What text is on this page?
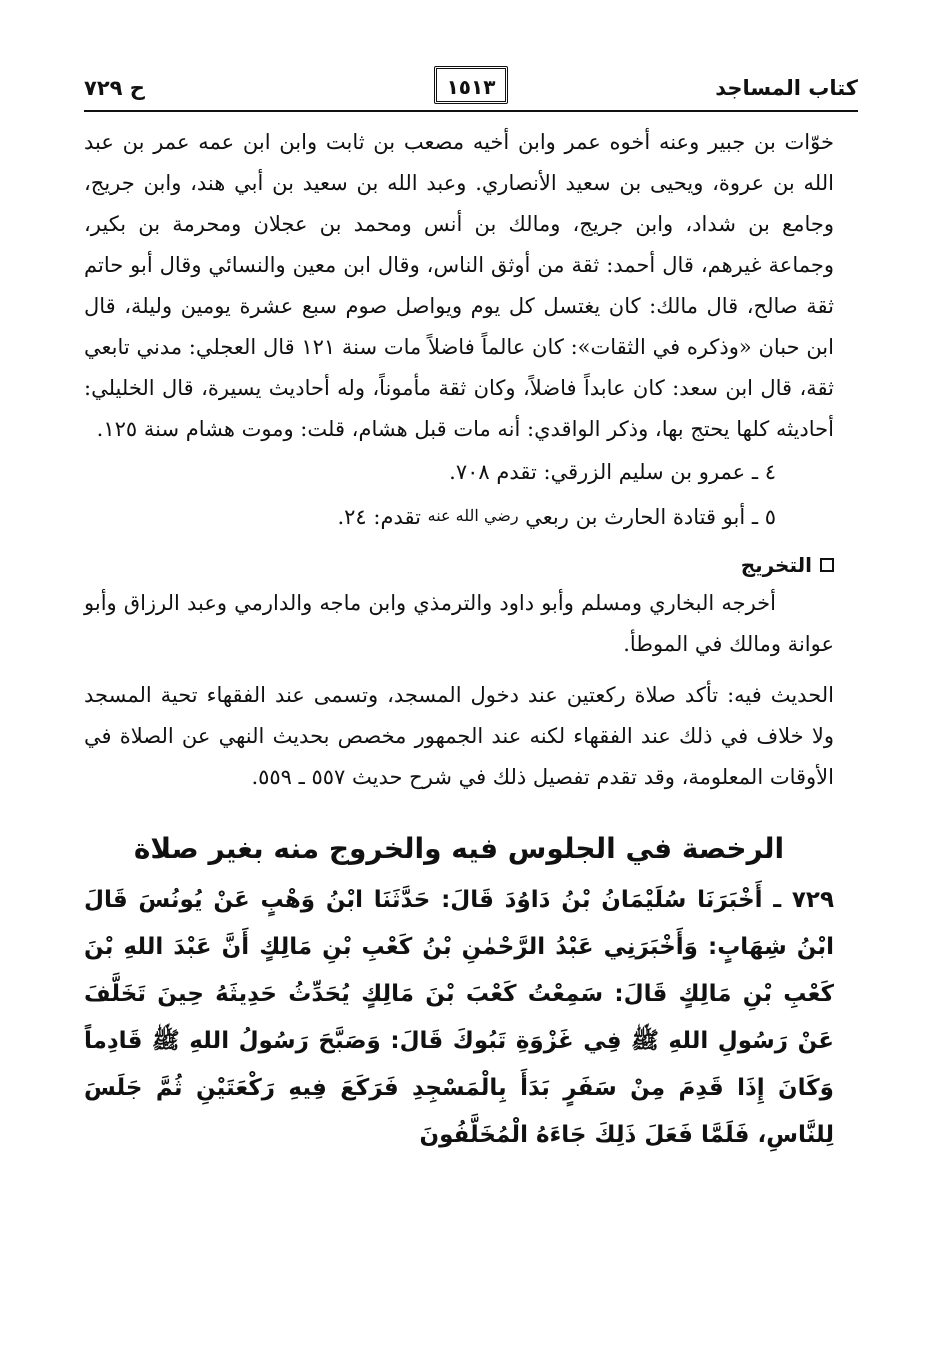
كتاب المساجد
١٥١٣
ح ٧٢٩

خوّات بن جبير وعنه أخوه عمر وابن أخيه مصعب بن ثابت وابن ابن عمه عمر بن عبد الله بن عروة، ويحيى بن سعيد الأنصاري. وعبد الله بن سعيد بن أبي هند، وابن جريج، وجامع بن شداد، وابن جريج، ومالك بن أنس ومحمد بن عجلان ومحرمة بن بكير، وجماعة غيرهم، قال أحمد: ثقة من أوثق الناس، وقال ابن معين والنسائي وقال أبو حاتم ثقة صالح، قال مالك: كان يغتسل كل يوم ويواصل صوم سبع عشرة يومين وليلة، قال ابن حبان «وذكره في الثقات»: كان عالماً فاضلاً مات سنة ١٢١ قال العجلي: مدني تابعي ثقة، قال ابن سعد: كان عابداً فاضلاً، وكان ثقة مأموناً، وله أحاديث يسيرة، قال الخليلي: أحاديثه كلها يحتج بها، وذكر الواقدي: أنه مات قبل هشام، قلت: وموت هشام سنة ١٢٥.

٤ ـ عمرو بن سليم الزرقي: تقدم ٧٠٨.

٥ ـ أبو قتادة الحارث بن ربعي رضي الله عنه تقدم: ٢٤.

التخريج

أخرجه البخاري ومسلم وأبو داود والترمذي وابن ماجه والدارمي وعبد الرزاق وأبو عوانة ومالك في الموطأ.

الحديث فيه: تأكد صلاة ركعتين عند دخول المسجد، وتسمى عند الفقهاء تحية المسجد ولا خلاف في ذلك عند الفقهاء لكنه عند الجمهور مخصص بحديث النهي عن الصلاة في الأوقات المعلومة، وقد تقدم تفصيل ذلك في شرح حديث ٥٥٧ ـ ٥٥٩.

الرخصة في الجلوس فيه والخروج منه بغير صلاة

٧٢٩ ـ أَخْبَرَنَا سُلَيْمَانُ بْنُ دَاوُدَ قَالَ: حَدَّثَنَا ابْنُ وَهْبٍ عَنْ يُونُسَ قَالَ ابْنُ شِهَابٍ: وَأَخْبَرَنِي عَبْدُ الرَّحْمٰنِ بْنُ كَعْبِ بْنِ مَالِكٍ أَنَّ عَبْدَ اللهِ بْنَ كَعْبِ بْنِ مَالِكٍ قَالَ: سَمِعْتُ كَعْبَ بْنَ مَالِكٍ يُحَدِّثُ حَدِيثَهُ حِينَ تَخَلَّفَ عَنْ رَسُولِ اللهِ ﷺ فِي غَزْوَةِ تَبُوكَ قَالَ: وَصَبَّحَ رَسُولُ اللهِ ﷺ قَادِماً وَكَانَ إِذَا قَدِمَ مِنْ سَفَرٍ بَدَأَ بِالْمَسْجِدِ فَرَكَعَ فِيهِ رَكْعَتَيْنِ ثُمَّ جَلَسَ لِلنَّاسِ، فَلَمَّا فَعَلَ ذَلِكَ جَاءَهُ الْمُخَلَّفُونَ
